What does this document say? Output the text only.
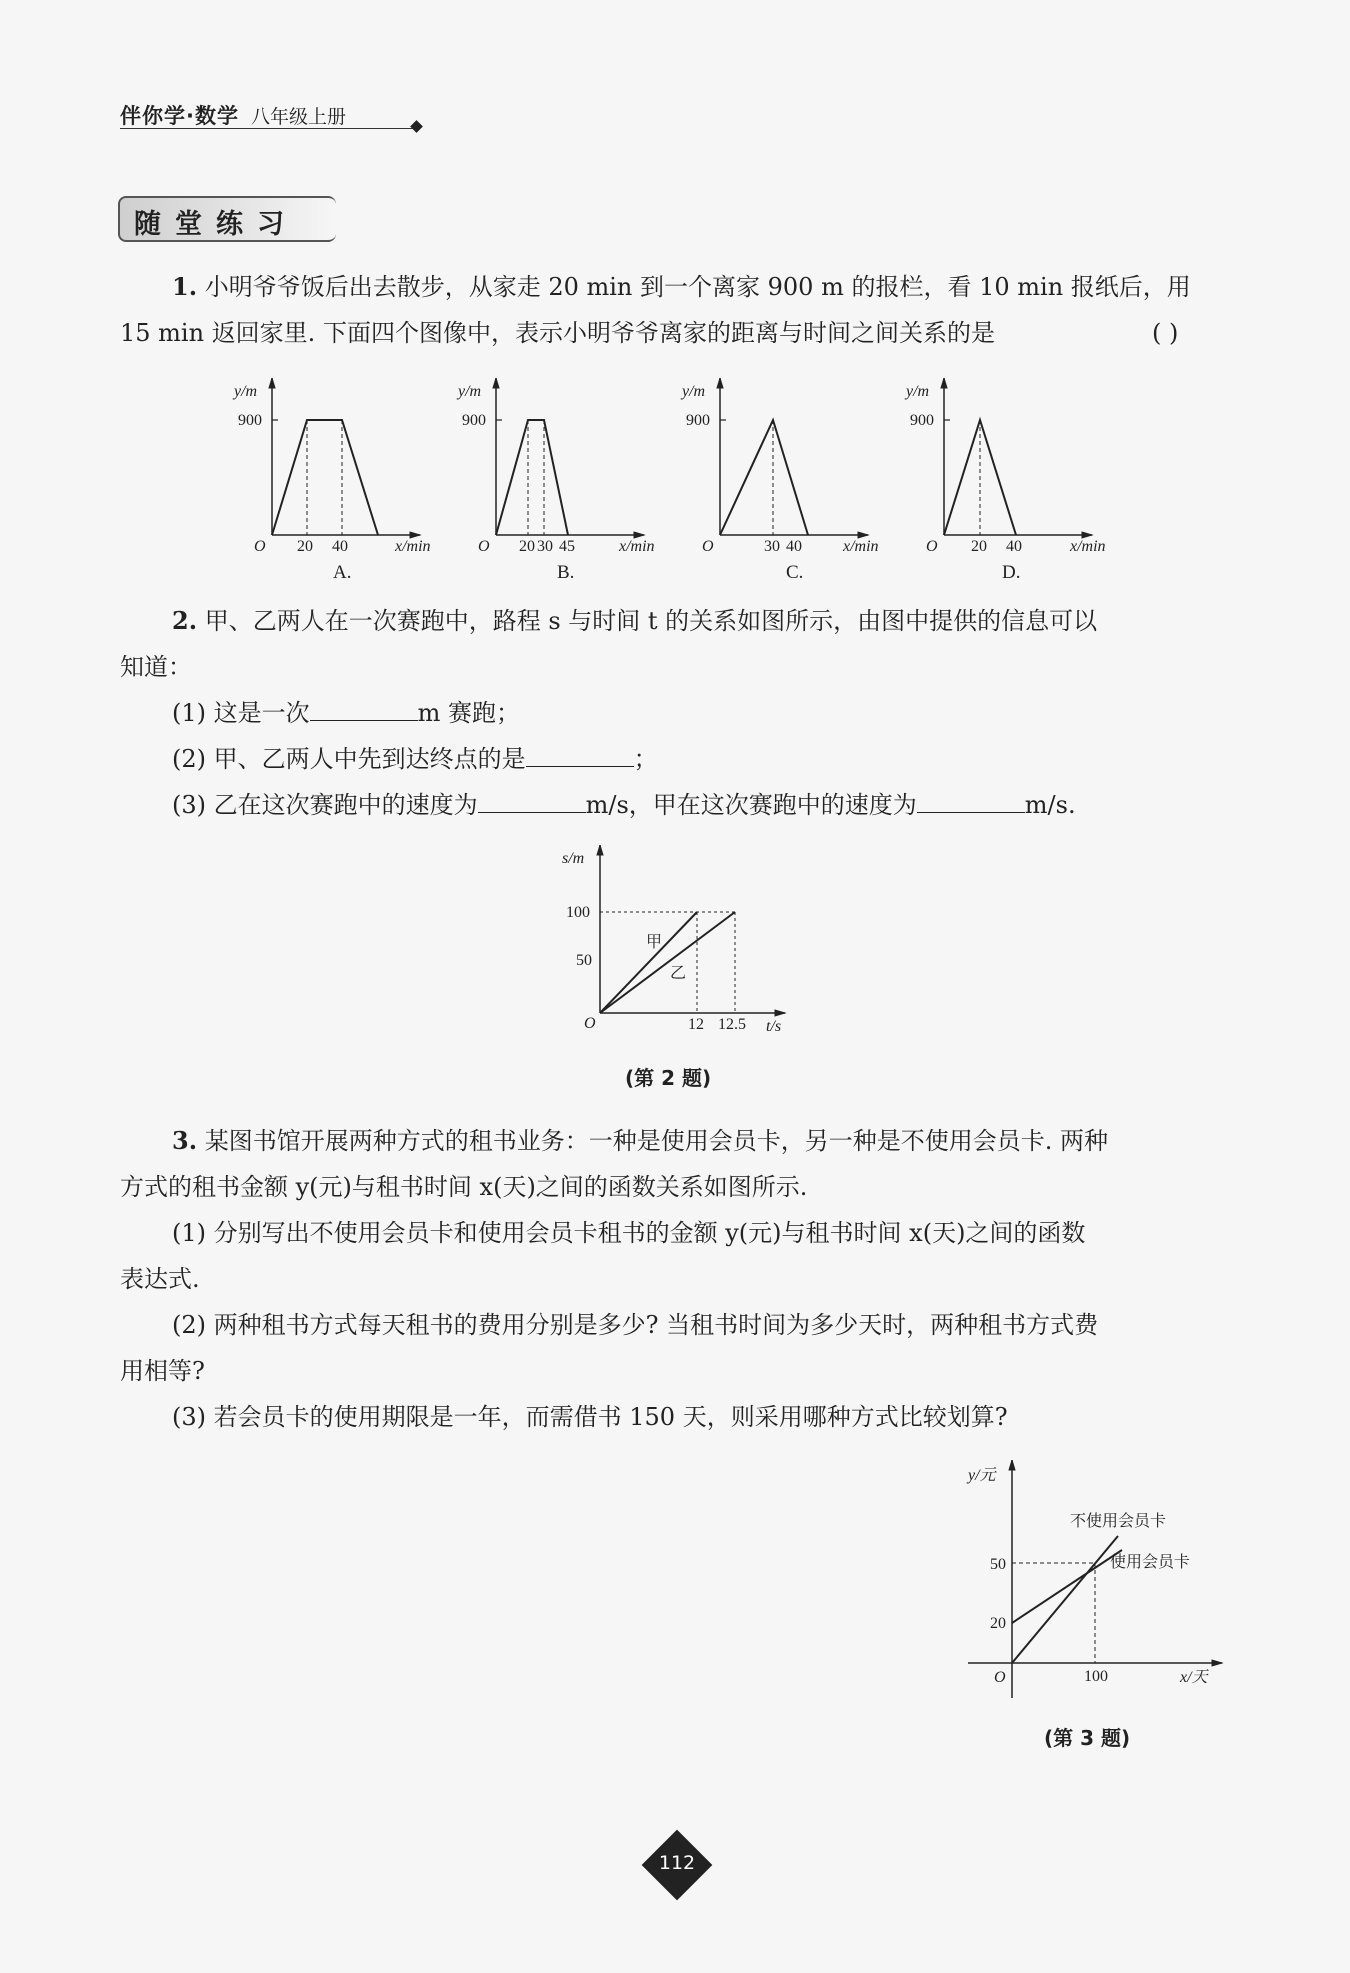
伴你学·数学 八年级上册
随堂练习
1. 小明爷爷饭后出去散步，从家走 20 min 到一个离家 900 m 的报栏，看 10 min 报纸后，用
15 min 返回家里. 下面四个图像中，表示小明爷爷离家的距离与时间之间关系的是	( )
y/m
900
O 20 40	x/min
A.
y/m
900
O 20 30 45	x/min
B.
y/m
900
O	30 40	x/min
C.
y/m
900
O 20 40	x/min
D.
2. 甲、乙两人在一次赛跑中，路程 s 与时间 t 的关系如图所示，由图中提供的信息可以
知道：
(1) 这是一次	m 赛跑；
(2) 甲、乙两人中先到达终点的是	；
(3) 乙在这次赛跑中的速度为	m/s，甲在这次赛跑中的速度为	m/s.
s/m
100
50
甲
乙
O	12 12.5 t/s
(第 2 题)
3. 某图书馆开展两种方式的租书业务：一种是使用会员卡，另一种是不使用会员卡. 两种
方式的租书金额 y(元)与租书时间 x(天)之间的函数关系如图所示.
(1) 分别写出不使用会员卡和使用会员卡租书的金额 y(元)与租书时间 x(天)之间的函数
表达式.
(2) 两种租书方式每天租书的费用分别是多少? 当租书时间为多少天时，两种租书方式费
用相等?
(3) 若会员卡的使用期限是一年，而需借书 150 天，则采用哪种方式比较划算?
y/元
50
20
不使用会员卡
使用会员卡
O	100	x/天
(第 3 题)
112
